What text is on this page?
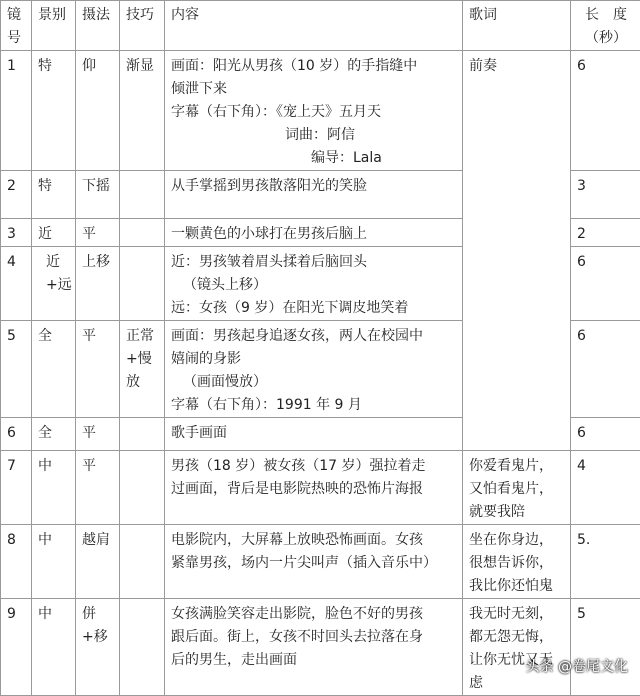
镜号	景别	摄法	技巧	内容	歌词	长　度（秒）
1	特	仰	渐显	画面：阳光从男孩（10 岁）的手指缝中
倾泄下来
字幕（右下角）：《宠上天》五月天
词曲：阿信
编导：Lala	前奏	6
2	特	下摇		从手掌摇到男孩散落阳光的笑脸		3
3	近	平		一颗黄色的小球打在男孩后脑上		2
4	近+远	上移		近：男孩皱着眉头揉着后脑回头
（镜头上移）
远：女孩（9 岁）在阳光下调皮地笑着		6
5	全	平	正常+慢放	画面：男孩起身追逐女孩，两人在校园中
嬉闹的身影
（画面慢放）
字幕（右下角）：1991 年 9 月		6
6	全	平		歌手画面		6
7	中	平		男孩（18 岁）被女孩（17 岁）强拉着走
过画面，背后是电影院热映的恐怖片海报	你爱看鬼片，又怕看鬼片，就要我陪	4
8	中	越肩		电影院内，大屏幕上放映恐怖画面。女孩
紧靠男孩，场内一片尖叫声（插入音乐中）	坐在你身边，很想告诉你，我比你还怕鬼	5.
9	中	併+移		女孩满脸笑容走出影院，脸色不好的男孩
跟后面。街上，女孩不时回头去拉落在身
后的男生，走出画面	我无时无刻，都无怨无悔，让你无忧又无虑	5
头条 @卷尾文化
